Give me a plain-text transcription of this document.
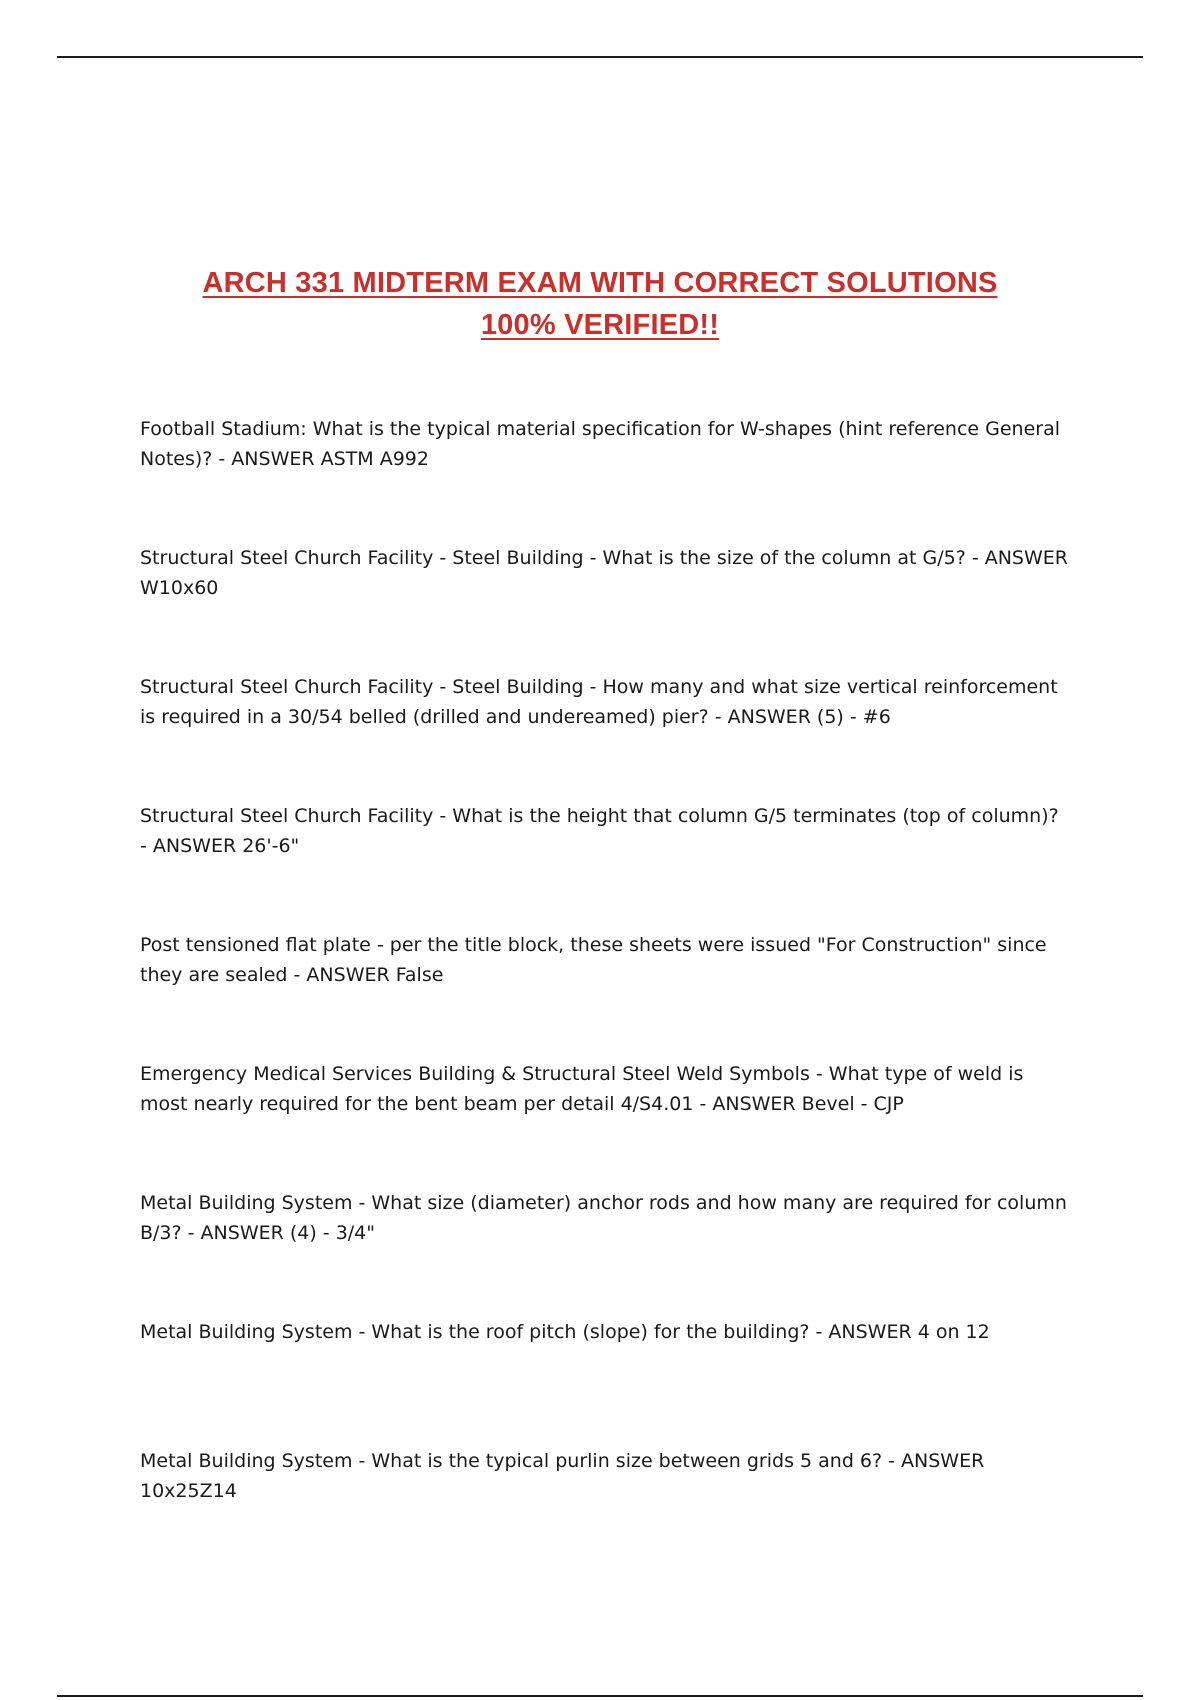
ARCH 331 MIDTERM EXAM WITH CORRECT SOLUTIONS
100% VERIFIED!!
Football Stadium: What is the typical material specification for W-shapes (hint reference General Notes)? - ANSWER ASTM A992
Structural Steel Church Facility - Steel Building - What is the size of the column at G/5? - ANSWER W10x60
Structural Steel Church Facility - Steel Building - How many and what size vertical reinforcement is required in a 30/54 belled (drilled and undereamed) pier? - ANSWER (5) - #6
Structural Steel Church Facility - What is the height that column G/5 terminates (top of column)? - ANSWER 26'-6"
Post tensioned flat plate - per the title block, these sheets were issued "For Construction" since they are sealed - ANSWER False
Emergency Medical Services Building & Structural Steel Weld Symbols - What type of weld is most nearly required for the bent beam per detail 4/S4.01 - ANSWER Bevel - CJP
Metal Building System - What size (diameter) anchor rods and how many are required for column B/3? - ANSWER (4) - 3/4"
Metal Building System - What is the roof pitch (slope) for the building? - ANSWER 4 on 12
Metal Building System - What is the typical purlin size between grids 5 and 6? - ANSWER 10x25Z14
